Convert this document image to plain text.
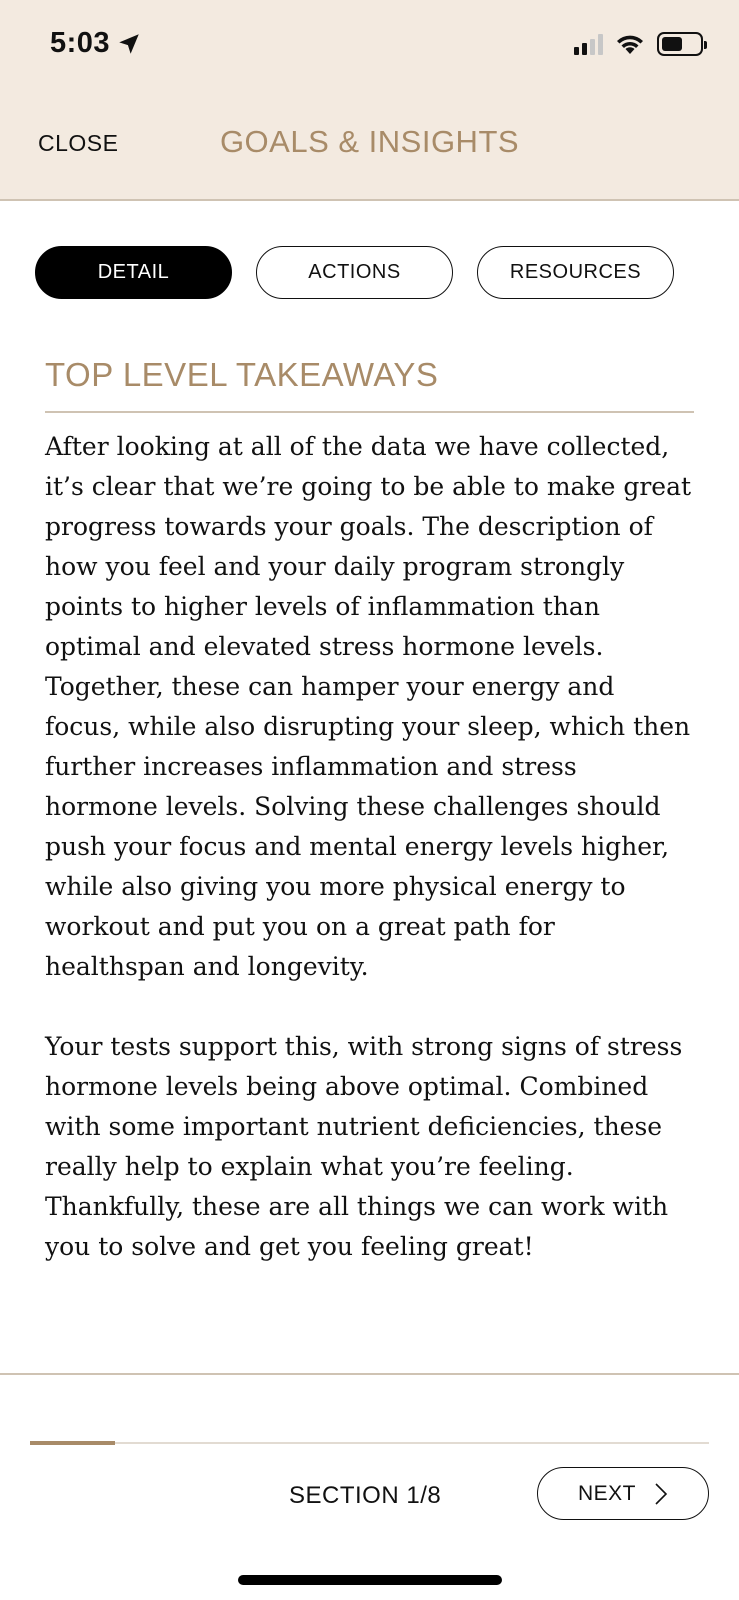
5:03
CLOSE	GOALS & INSIGHTS
DETAIL	ACTIONS	RESOURCES
TOP LEVEL TAKEAWAYS

After looking at all of the data we have collected, it’s clear that we’re going to be able to make great progress towards your goals. The description of how you feel and your daily program strongly points to higher levels of inflammation than optimal and elevated stress hormone levels. Together, these can hamper your energy and focus, while also disrupting your sleep, which then further increases inflammation and stress hormone levels. Solving these challenges should push your focus and mental energy levels higher, while also giving you more physical energy to workout and put you on a great path for healthspan and longevity.

Your tests support this, with strong signs of stress hormone levels being above optimal. Combined with some important nutrient deficiencies, these really help to explain what you’re feeling. Thankfully, these are all things we can work with you to solve and get you feeling great!

SECTION 1/8	NEXT
